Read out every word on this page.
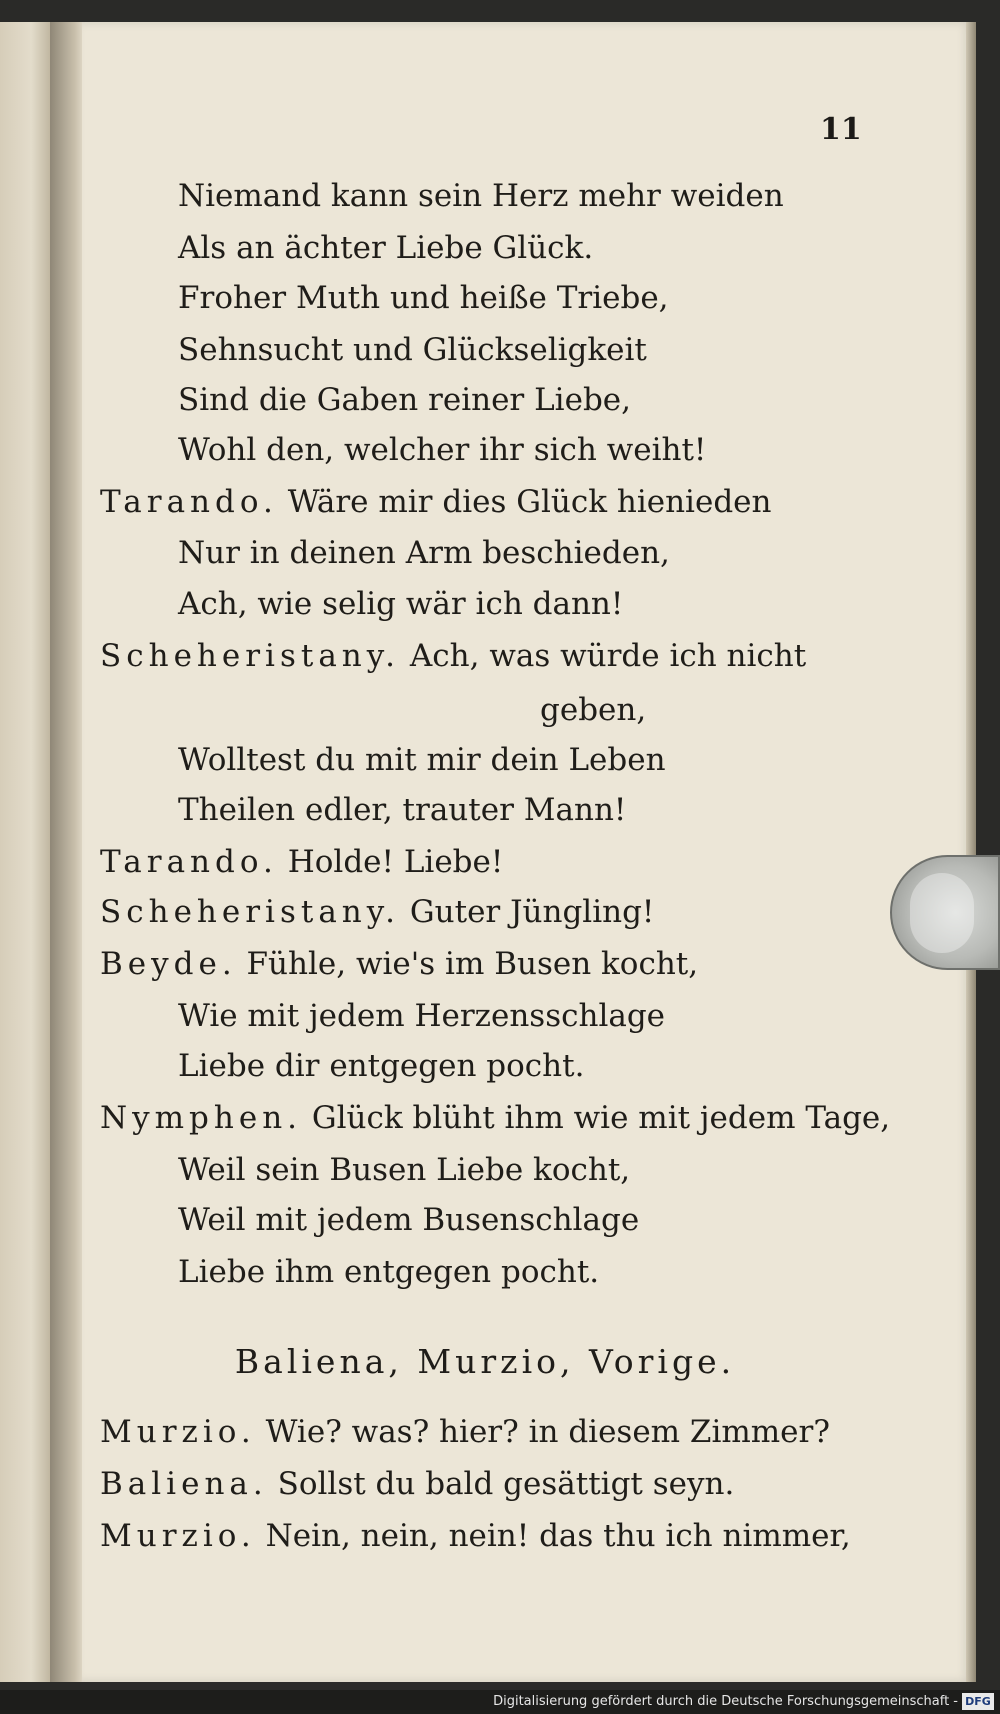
11
Niemand kann sein Herz mehr weiden
Als an ächter Liebe Glück.
Froher Muth und heiße Triebe,
Sehnsucht und Glückseligkeit
Sind die Gaben reiner Liebe,
Wohl den, welcher ihr sich weiht!
Tarando. Wäre mir dies Glück hienieden
Nur in deinen Arm beschieden,
Ach, wie selig wär ich dann!
Scheheristany. Ach, was würde ich nicht
geben,
Wolltest du mit mir dein Leben
Theilen edler, trauter Mann!
Tarando. Holde! Liebe!
Scheheristany. Guter Jüngling!
Beyde. Fühle, wie's im Busen kocht,
Wie mit jedem Herzensschlage
Liebe dir entgegen pocht.
Nymphen. Glück blüht ihm wie mit jedem Tage,
Weil sein Busen Liebe kocht,
Weil mit jedem Busenschlage
Liebe ihm entgegen pocht.
Baliena, Murzio, Vorige.
Murzio. Wie? was? hier? in diesem Zimmer?
Baliena. Sollst du bald gesättigt seyn.
Murzio. Nein, nein, nein! das thu ich nimmer,
Digitalisierung gefördert durch die Deutsche Forschungsgemeinschaft - DFG
